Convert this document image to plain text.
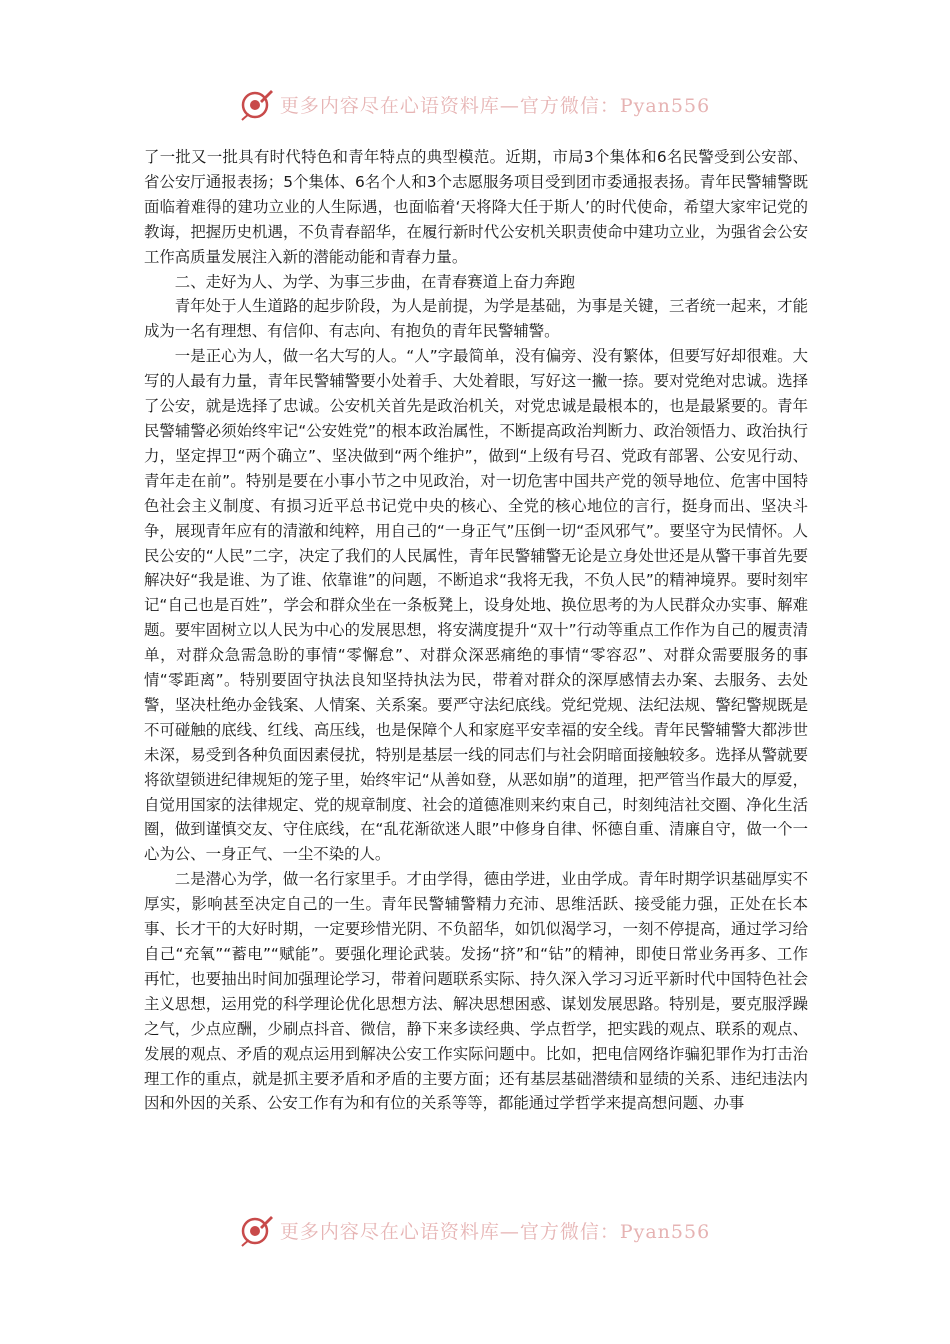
更多内容尽在心语资料库—官方微信：Pyan556

了一批又一批具有时代特色和青年特点的典型模范。近期，市局3个集体和6名民警受到公安部、省公安厅通报表扬；5个集体、6名个人和3个志愿服务项目受到团市委通报表扬。青年民警辅警既面临着难得的建功立业的人生际遇，也面临着‘天将降大任于斯人’的时代使命，希望大家牢记党的教诲，把握历史机遇，不负青春韶华，在履行新时代公安机关职责使命中建功立业，为强省会公安工作高质量发展注入新的潜能动能和青春力量。

二、走好为人、为学、为事三步曲，在青春赛道上奋力奔跑

青年处于人生道路的起步阶段，为人是前提，为学是基础，为事是关键，三者统一起来，才能成为一名有理想、有信仰、有志向、有抱负的青年民警辅警。

一是正心为人，做一名大写的人。“人”字最简单，没有偏旁、没有繁体，但要写好却很难。大写的人最有力量，青年民警辅警要小处着手、大处着眼，写好这一撇一捺。要对党绝对忠诚。选择了公安，就是选择了忠诚。公安机关首先是政治机关，对党忠诚是最根本的，也是最紧要的。青年民警辅警必须始终牢记“公安姓党”的根本政治属性，不断提高政治判断力、政治领悟力、政治执行力，坚定捍卫“两个确立”、坚决做到“两个维护”，做到“上级有号召、党政有部署、公安见行动、青年走在前”。特别是要在小事小节之中见政治，对一切危害中国共产党的领导地位、危害中国特色社会主义制度、有损习近平总书记党中央的核心、全党的核心地位的言行，挺身而出、坚决斗争，展现青年应有的清澈和纯粹，用自己的“一身正气”压倒一切“歪风邪气”。要坚守为民情怀。人民公安的“人民”二字，决定了我们的人民属性，青年民警辅警无论是立身处世还是从警干事首先要解决好“我是谁、为了谁、依靠谁”的问题，不断追求“我将无我，不负人民”的精神境界。要时刻牢记“自己也是百姓”，学会和群众坐在一条板凳上，设身处地、换位思考的为人民群众办实事、解难题。要牢固树立以人民为中心的发展思想，将安满度提升“双十”行动等重点工作作为自己的履责清单，对群众急需急盼的事情“零懈怠”、对群众深恶痛绝的事情“零容忍”、对群众需要服务的事情“零距离”。特别要固守执法良知坚持执法为民，带着对群众的深厚感情去办案、去服务、去处警，坚决杜绝办金钱案、人情案、关系案。要严守法纪底线。党纪党规、法纪法规、警纪警规既是不可碰触的底线、红线、高压线，也是保障个人和家庭平安幸福的安全线。青年民警辅警大都涉世未深，易受到各种负面因素侵扰，特别是基层一线的同志们与社会阴暗面接触较多。选择从警就要将欲望锁进纪律规矩的笼子里，始终牢记“从善如登，从恶如崩”的道理，把严管当作最大的厚爱，自觉用国家的法律规定、党的规章制度、社会的道德准则来约束自己，时刻纯洁社交圈、净化生活圈，做到谨慎交友、守住底线，在“乱花渐欲迷人眼”中修身自律、怀德自重、清廉自守，做一个一心为公、一身正气、一尘不染的人。

二是潜心为学，做一名行家里手。才由学得，德由学进，业由学成。青年时期学识基础厚实不厚实，影响甚至决定自己的一生。青年民警辅警精力充沛、思维活跃、接受能力强，正处在长本事、长才干的大好时期，一定要珍惜光阴、不负韶华，如饥似渴学习，一刻不停提高，通过学习给自己“充氧”“蓄电”“赋能”。要强化理论武装。发扬“挤”和“钻”的精神，即使日常业务再多、工作再忙，也要抽出时间加强理论学习，带着问题联系实际、持久深入学习习近平新时代中国特色社会主义思想，运用党的科学理论优化思想方法、解决思想困惑、谋划发展思路。特别是，要克服浮躁之气，少点应酬，少刷点抖音、微信，静下来多读经典、学点哲学，把实践的观点、联系的观点、发展的观点、矛盾的观点运用到解决公安工作实际问题中。比如，把电信网络诈骗犯罪作为打击治理工作的重点，就是抓主要矛盾和矛盾的主要方面；还有基层基础潜绩和显绩的关系、违纪违法内因和外因的关系、公安工作有为和有位的关系等等，都能通过学哲学来提高想问题、办事

更多内容尽在心语资料库—官方微信：Pyan556
